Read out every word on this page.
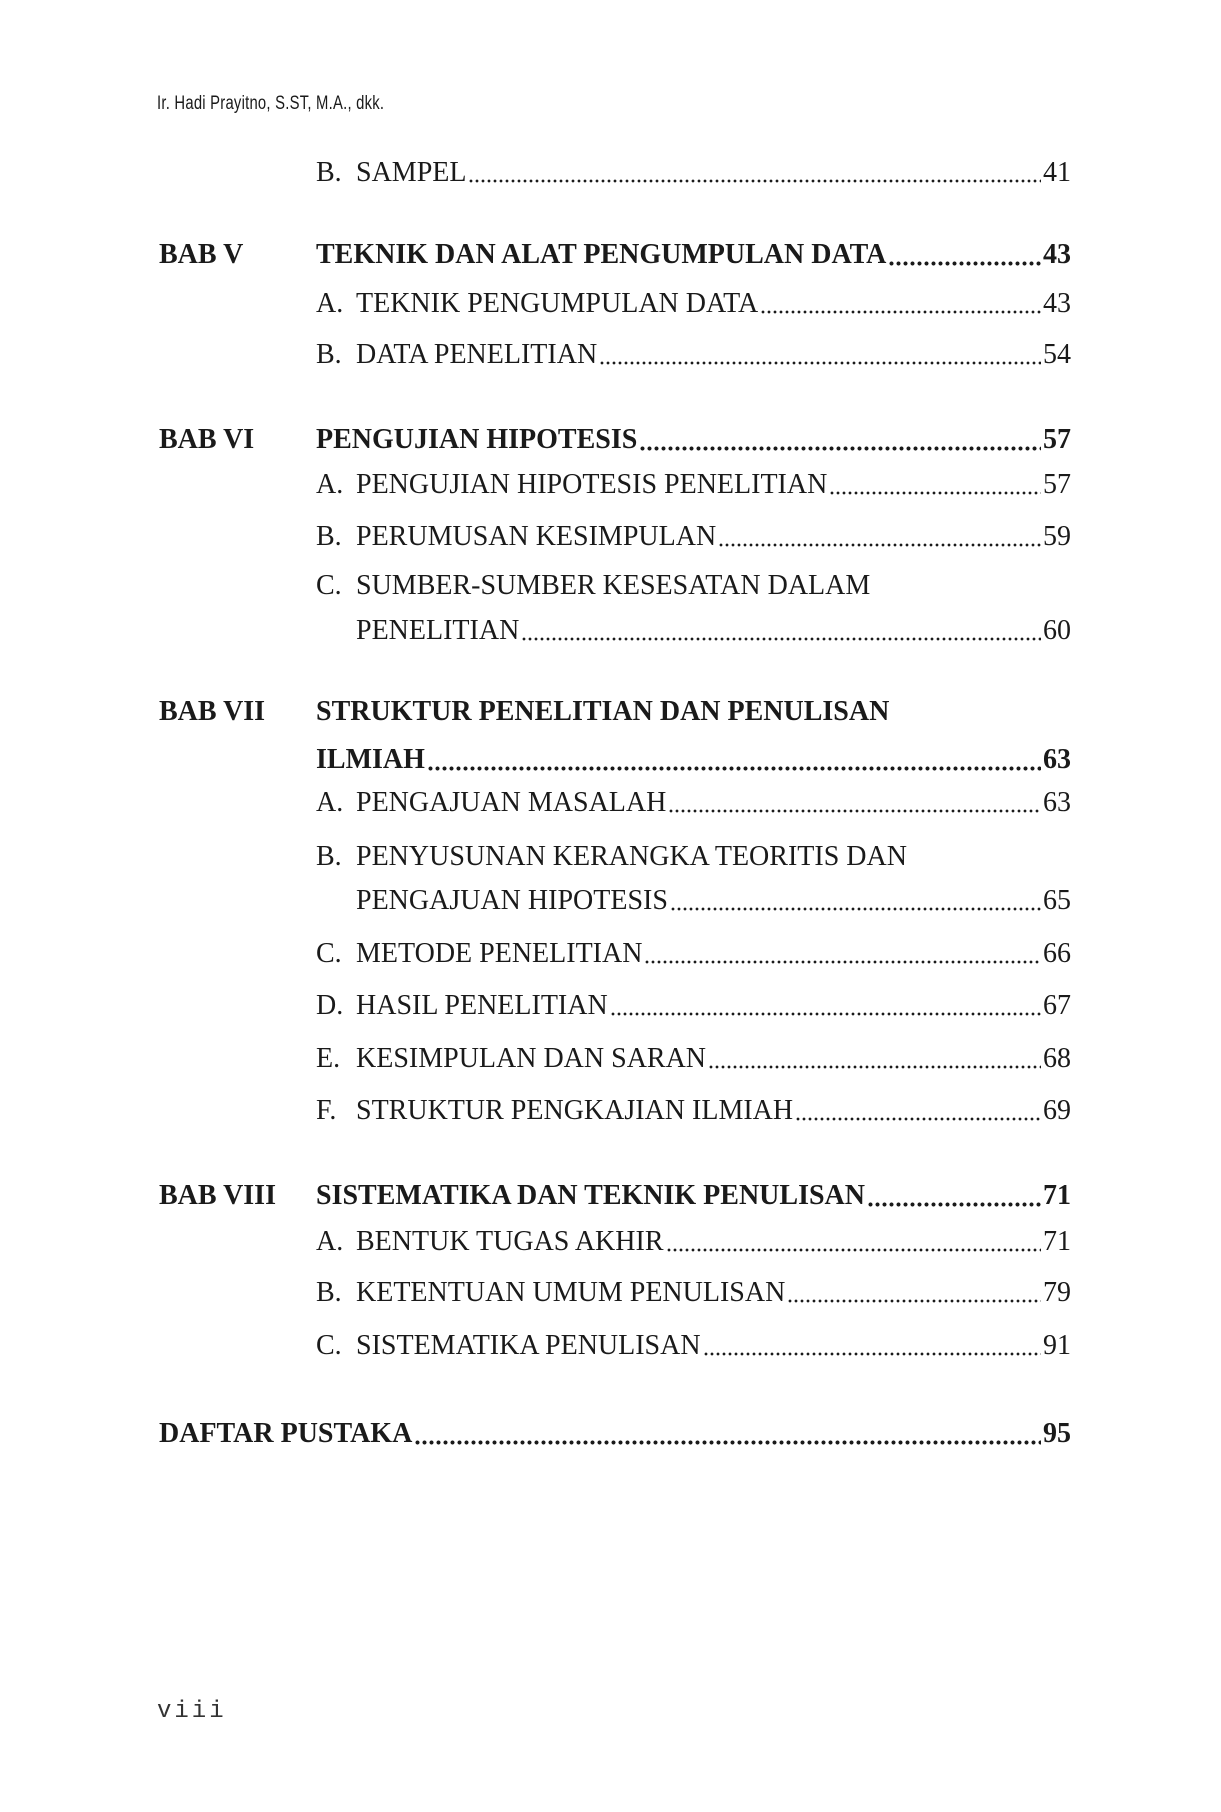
Ir. Hadi Prayitno, S.ST, M.A., dkk.
B. SAMPEL	41
BAB V	TEKNIK DAN ALAT PENGUMPULAN DATA	43
A. TEKNIK PENGUMPULAN DATA	43
B. DATA PENELITIAN	54
BAB VI PENGUJIAN HIPOTESIS	57
A. PENGUJIAN HIPOTESIS PENELITIAN	57
B. PERUMUSAN KESIMPULAN	59
C. SUMBER-SUMBER KESESATAN DALAM
PENELITIAN	60
BAB VII STRUKTUR PENELITIAN DAN PENULISAN
ILMIAH	63
A. PENGAJUAN MASALAH	63
B. PENYUSUNAN KERANGKA TEORITIS DAN
PENGAJUAN HIPOTESIS	65
C. METODE PENELITIAN	66
D. HASIL PENELITIAN	67
E. KESIMPULAN DAN SARAN	68
F. STRUKTUR PENGKAJIAN ILMIAH	69
BAB VIII SISTEMATIKA DAN TEKNIK PENULISAN	71
A. BENTUK TUGAS AKHIR	71
B. KETENTUAN UMUM PENULISAN	79
C. SISTEMATIKA PENULISAN	91
DAFTAR PUSTAKA	95
viii
